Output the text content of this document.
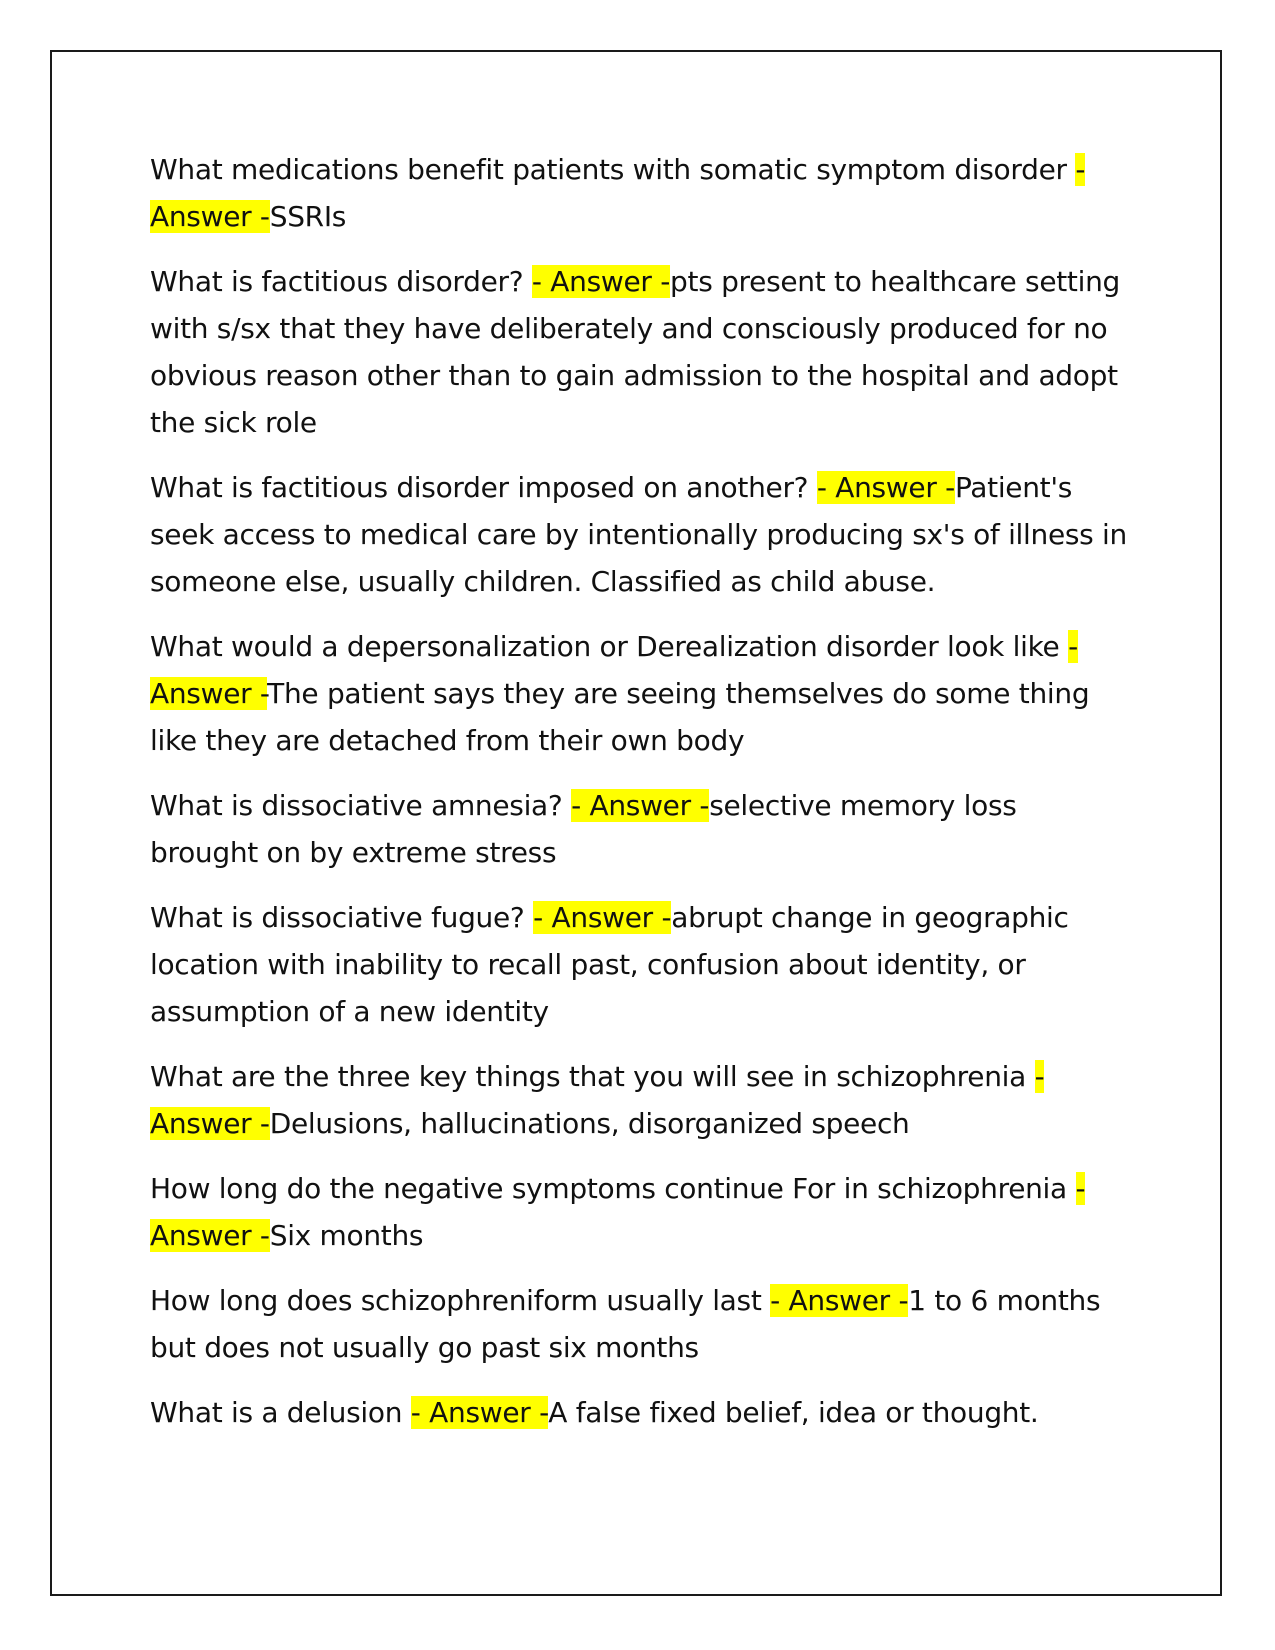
What medications benefit patients with somatic symptom disorder - Answer -SSRIs

What is factitious disorder? - Answer -pts present to healthcare setting with s/sx that they have deliberately and consciously produced for no obvious reason other than to gain admission to the hospital and adopt the sick role

What is factitious disorder imposed on another? - Answer -Patient's seek access to medical care by intentionally producing sx's of illness in someone else, usually children. Classified as child abuse.

What would a depersonalization or Derealization disorder look like - Answer -The patient says they are seeing themselves do some thing like they are detached from their own body

What is dissociative amnesia? - Answer -selective memory loss brought on by extreme stress

What is dissociative fugue? - Answer -abrupt change in geographic location with inability to recall past, confusion about identity, or assumption of a new identity

What are the three key things that you will see in schizophrenia - Answer -Delusions, hallucinations, disorganized speech

How long do the negative symptoms continue For in schizophrenia - Answer -Six months

How long does schizophreniform usually last - Answer -1 to 6 months but does not usually go past six months

What is a delusion - Answer -A false fixed belief, idea or thought.
